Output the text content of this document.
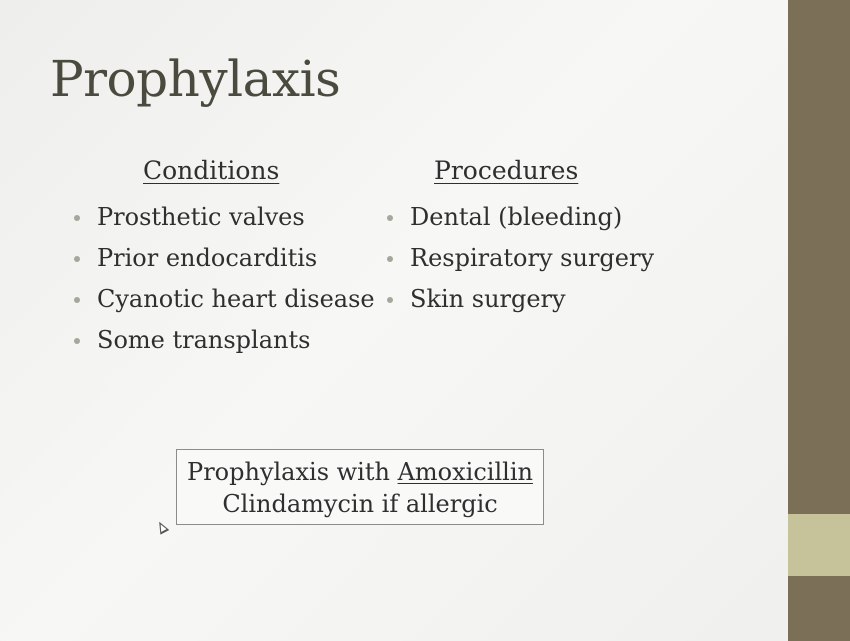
Prophylaxis
Conditions
Prosthetic valves
Prior endocarditis
Cyanotic heart disease
Some transplants
Procedures
Dental (bleeding)
Respiratory surgery
Skin surgery
Prophylaxis with Amoxicillin
Clindamycin if allergic
